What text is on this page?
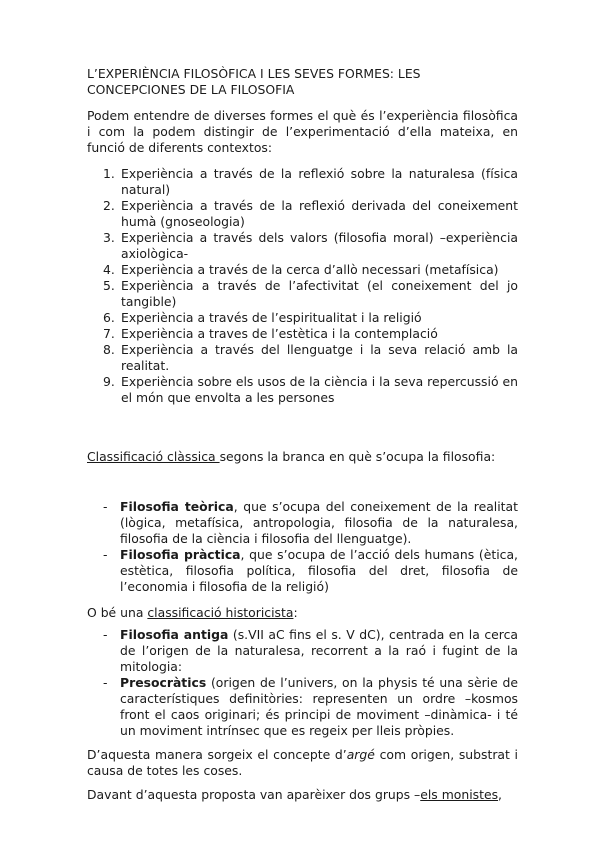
L’EXPERIÈNCIA FILOSÒFICA I LES SEVES FORMES: LES CONCEPCIONES DE LA FILOSOFIA

Podem entendre de diverses formes el què és l’experiència filosòfica i com la podem distingir de l’experimentació d’ella mateixa, en funció de diferents contextos:

1. Experiència a través de la reflexió sobre la naturalesa (física natural)
2. Experiència a través de la reflexió derivada del coneixement humà (gnoseologia)
3. Experiència a través dels valors (filosofia moral) –experiència axiològica-
4. Experiència a través de la cerca d’allò necessari (metafísica)
5. Experiència a través de l’afectivitat (el coneixement del jo tangible)
6. Experiència a través de l’espiritualitat i la religió
7. Experiència a traves de l’estètica i la contemplació
8. Experiència a través del llenguatge i la seva relació amb la realitat.
9. Experiència sobre els usos de la ciència i la seva repercussió en el món que envolta a les persones

Classificació clàssica segons la branca en què s’ocupa la filosofia:

- Filosofia teòrica, que s’ocupa del coneixement de la realitat (lògica, metafísica, antropologia, filosofia de la naturalesa, filosofia de la ciència i filosofia del llenguatge).
- Filosofia pràctica, que s’ocupa de l’acció dels humans (ètica, estètica, filosofia política, filosofia del dret, filosofia de l’economia i filosofia de la religió)

O bé una classificació historicista:

- Filosofia antiga (s.VII aC fins el s. V dC), centrada en la cerca de l’origen de la naturalesa, recorrent a la raó i fugint de la mitologia:
- Presocràtics (origen de l’univers, on la physis té una sèrie de característiques definitòries: representen un ordre –kosmos front el caos originari; és principi de moviment –dinàmica- i té un moviment intrínsec que es regeix per lleis pròpies.

D’aquesta manera sorgeix el concepte d’argé com origen, substrat i causa de totes les coses.

Davant d’aquesta proposta van aparèixer dos grups –els monistes,
